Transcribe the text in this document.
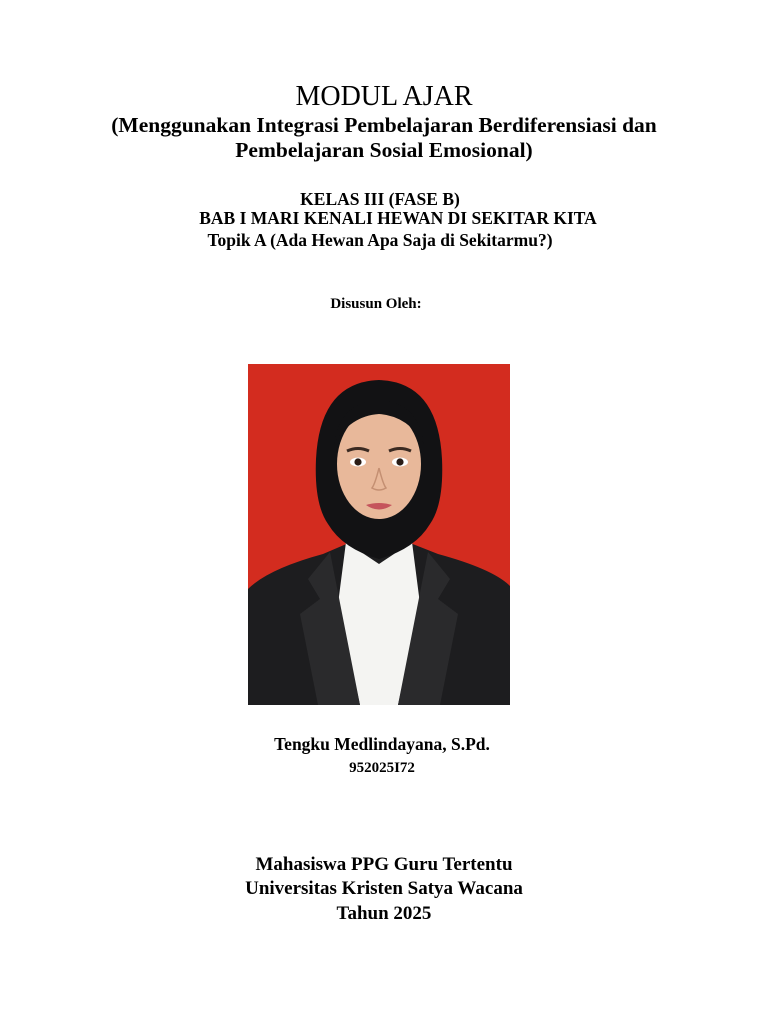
MODUL AJAR
(Menggunakan Integrasi Pembelajaran Berdiferensiasi dan
Pembelajaran Sosial Emosional)
KELAS III (FASE B)
BAB I MARI KENALI HEWAN DI SEKITAR KITA
Topik A (Ada Hewan Apa Saja di Sekitarmu?)
Disusun Oleh:
Tengku Medlindayana, S.Pd.
952025I72
Mahasiswa PPG Guru Tertentu
Universitas Kristen Satya Wacana
Tahun 2025
